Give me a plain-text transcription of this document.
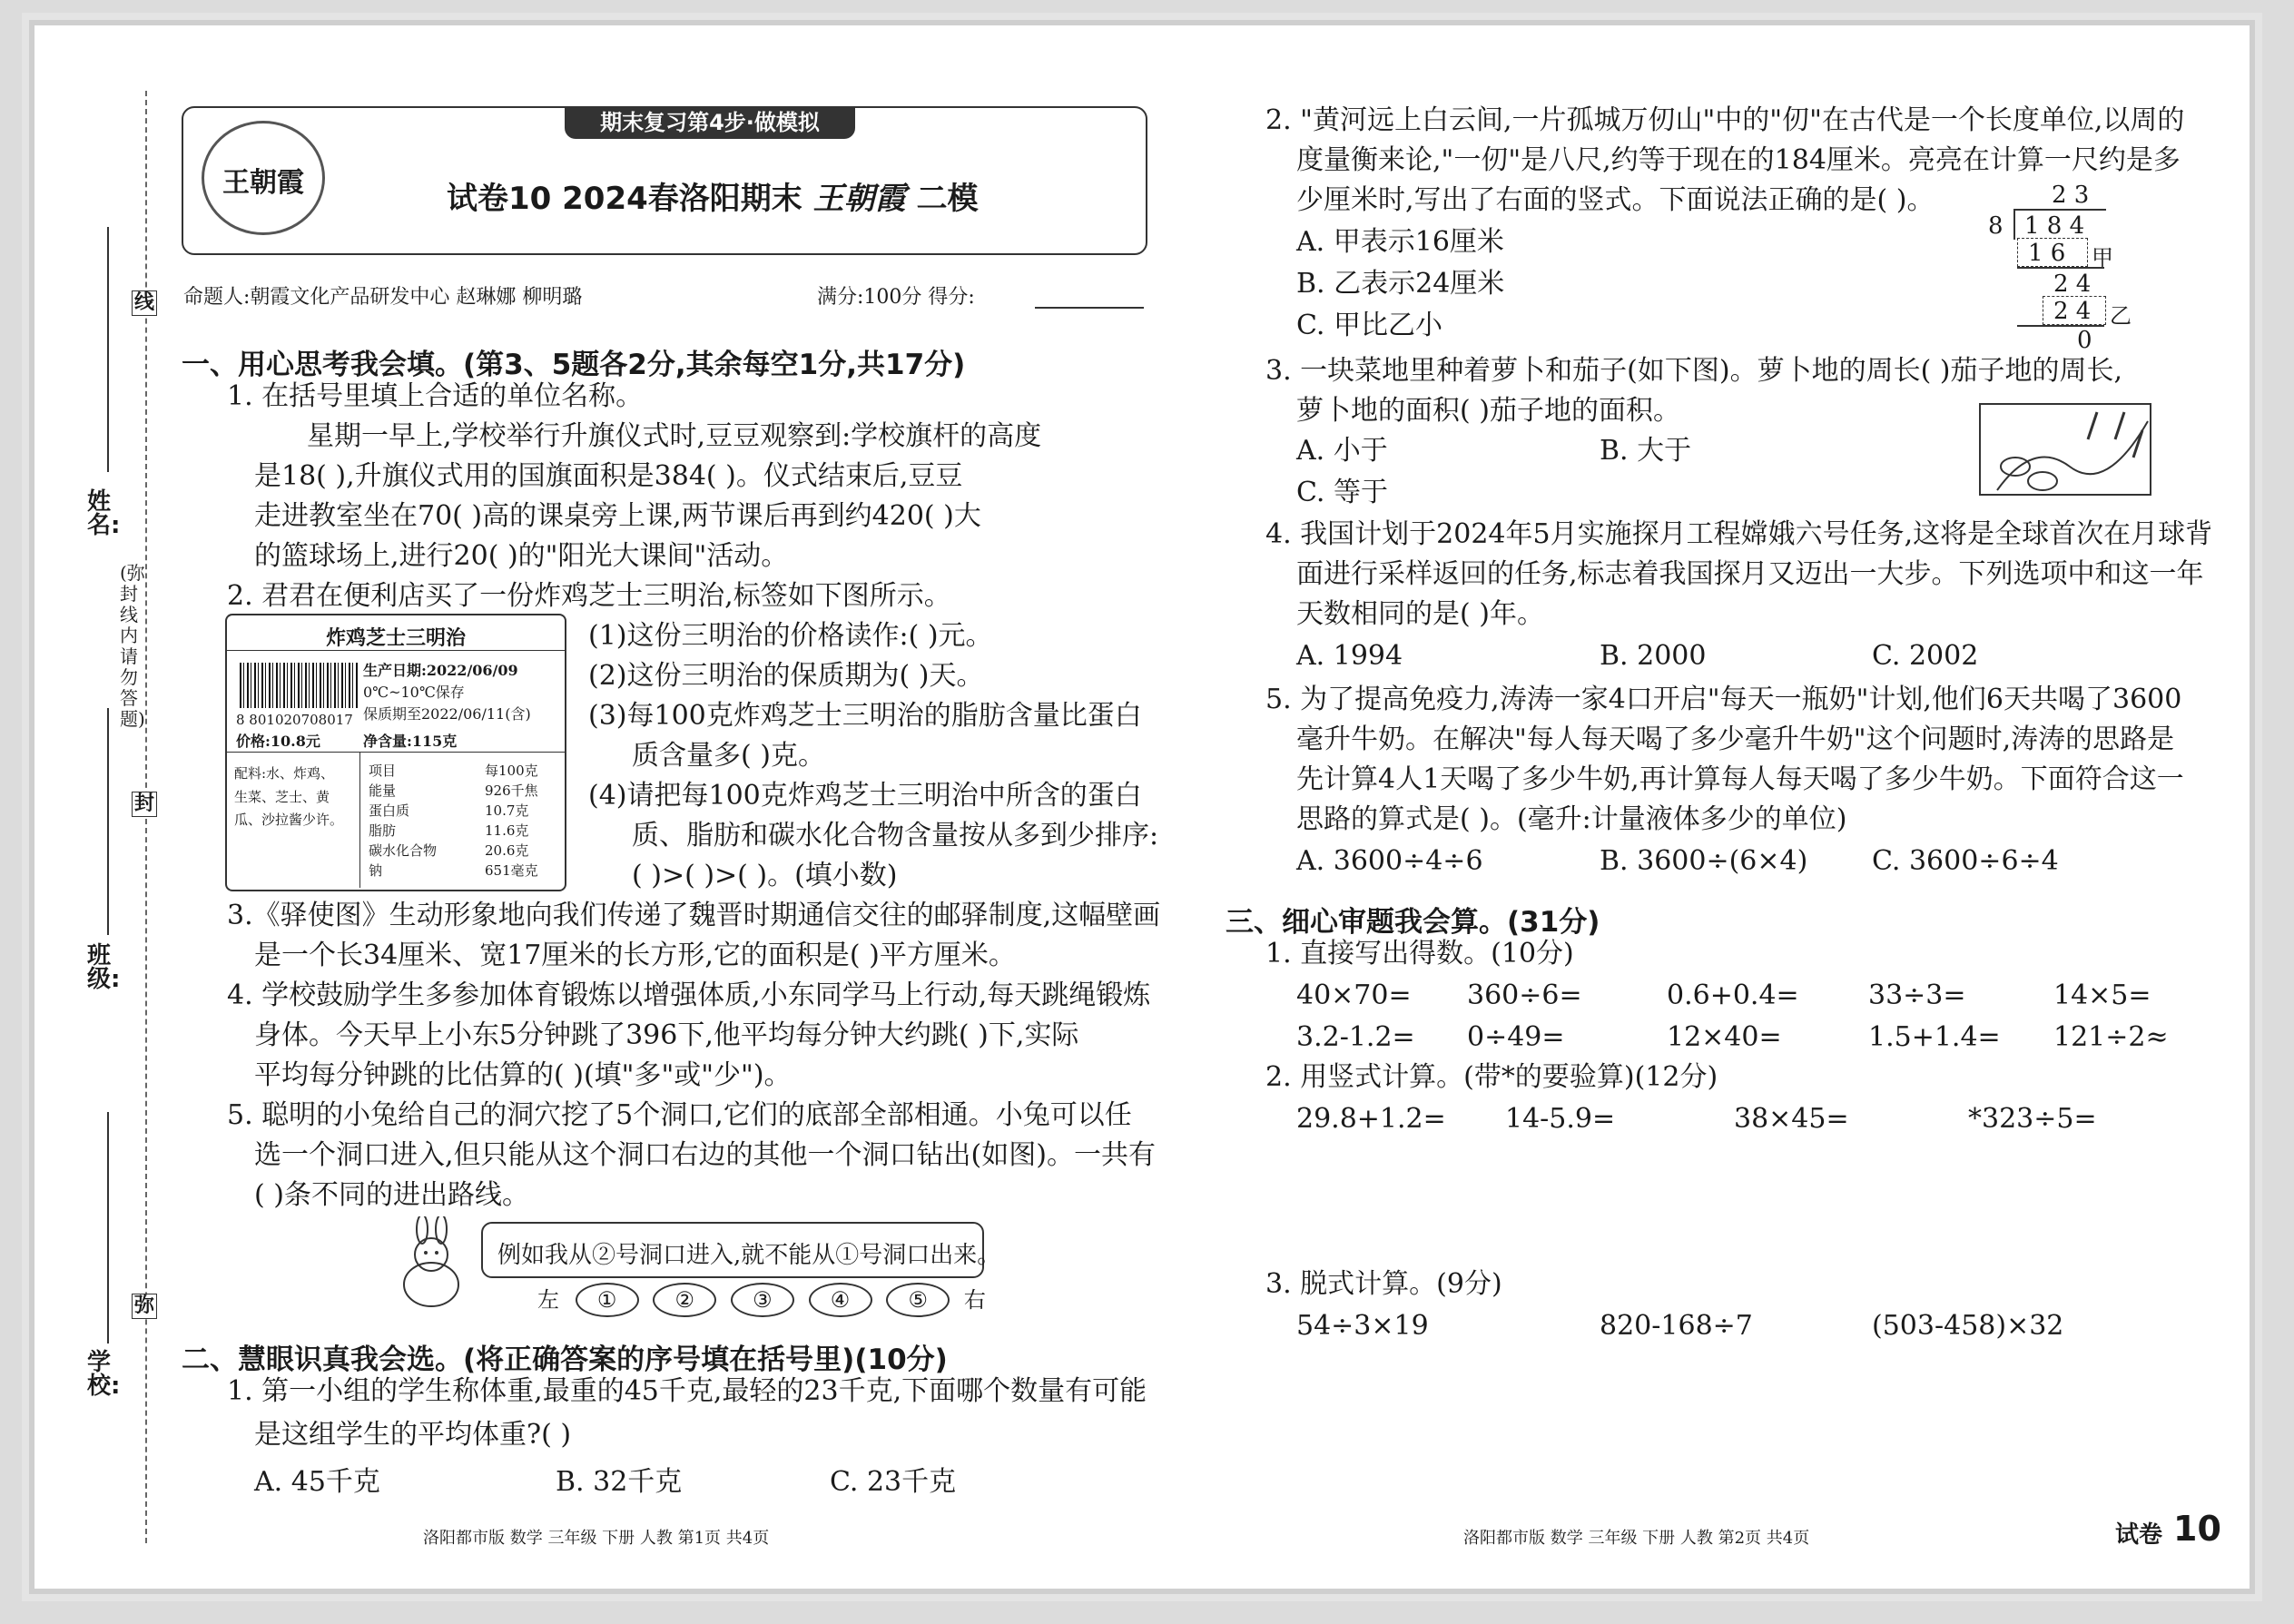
线
封
弥
(弥封线内请勿答题)
姓名:
班级:
学校:
期末复习第4步·做模拟
王朝霞	试卷10 2024春洛阳期末 王朝霞 二模
命题人:朝霞文化产品研发中心 赵琳娜 柳明璐	满分:100分 得分:
一、用心思考我会填。(第3、5题各2分,其余每空1分,共17分)
1. 在括号里填上合适的单位名称。
星期一早上,学校举行升旗仪式时,豆豆观察到:学校旗杆的高度
是18( ),升旗仪式用的国旗面积是384( )。仪式结束后,豆豆
走进教室坐在70( )高的课桌旁上课,两节课后再到约420( )大
的篮球场上,进行20( )的"阳光大课间"活动。
2. 君君在便利店买了一份炸鸡芝士三明治,标签如下图所示。
炸鸡芝士三明治
8 801020708017
生产日期:2022/06/09
0℃~10℃保存
保质期至2022/06/11(含)
价格:10.8元	净含量:115克
配料:水、炸鸡、
生菜、芝士、黄
瓜、沙拉酱少许。
项目	每100克
能量	926千焦
蛋白质	10.7克
脂肪	11.6克
碳水化合物	20.6克
钠	651毫克
(1)这份三明治的价格读作:( )元。
(2)这份三明治的保质期为( )天。
(3)每100克炸鸡芝士三明治的脂肪含量比蛋白
质含量多( )克。
(4)请把每100克炸鸡芝士三明治中所含的蛋白
质、脂肪和碳水化合物含量按从多到少排序:
( )>( )>( )。(填小数)
3.《驿使图》生动形象地向我们传递了魏晋时期通信交往的邮驿制度,这幅壁画
是一个长34厘米、宽17厘米的长方形,它的面积是( )平方厘米。
4. 学校鼓励学生多参加体育锻炼以增强体质,小东同学马上行动,每天跳绳锻炼
身体。今天早上小东5分钟跳了396下,他平均每分钟大约跳( )下,实际
平均每分钟跳的比估算的( )(填"多"或"少")。
5. 聪明的小兔给自己的洞穴挖了5个洞口,它们的底部全部相通。小兔可以任
选一个洞口进入,但只能从这个洞口右边的其他一个洞口钻出(如图)。一共有
( )条不同的进出路线。
例如我从②号洞口进入,就不能从①号洞口出来。
左 ①	②	③	④	⑤ 右
二、慧眼识真我会选。(将正确答案的序号填在括号里)(10分)
1. 第一小组的学生称体重,最重的45千克,最轻的23千克,下面哪个数量有可能
是这组学生的平均体重?( )
A. 45千克	B. 32千克	C. 23千克
洛阳都市版 数学 三年级 下册 人教 第1页 共4页
2. "黄河远上白云间,一片孤城万仞山"中的"仞"在古代是一个长度单位,以周的
度量衡来论,"一仞"是八尺,约等于现在的184厘米。亮亮在计算一尺约是多
少厘米时,写出了右面的竖式。下面说法正确的是( )。
A. 甲表示16厘米
B. 乙表示24厘米
C. 甲比乙小
2 3
8 1 8 4
1 6 甲
2 4
2 4 乙
0
3. 一块菜地里种着萝卜和茄子(如下图)。萝卜地的周长( )茄子地的周长,
萝卜地的面积( )茄子地的面积。
A. 小于	B. 大于
C. 等于
4. 我国计划于2024年5月实施探月工程嫦娥六号任务,这将是全球首次在月球背
面进行采样返回的任务,标志着我国探月又迈出一大步。下列选项中和这一年
天数相同的是( )年。
A. 1994	B. 2000	C. 2002
5. 为了提高免疫力,涛涛一家4口开启"每天一瓶奶"计划,他们6天共喝了3600
毫升牛奶。在解决"每人每天喝了多少毫升牛奶"这个问题时,涛涛的思路是
先计算4人1天喝了多少牛奶,再计算每人每天喝了多少牛奶。下面符合这一
思路的算式是( )。(毫升:计量液体多少的单位)
A. 3600÷4÷6	B. 3600÷(6×4) C. 3600÷6÷4
三、细心审题我会算。(31分)
1. 直接写出得数。(10分)
40×70= 360÷6=	0.6+0.4=	33÷3=	14×5=
3.2-1.2= 0÷49=	12×40=	1.5+1.4= 121÷2≈
2. 用竖式计算。(带*的要验算)(12分)
29.8+1.2= 14-5.9=	38×45=	*323÷5=
3. 脱式计算。(9分)
54÷3×19	820-168÷7	(503-458)×32
洛阳都市版 数学 三年级 下册 人教 第2页 共4页	试卷 10
